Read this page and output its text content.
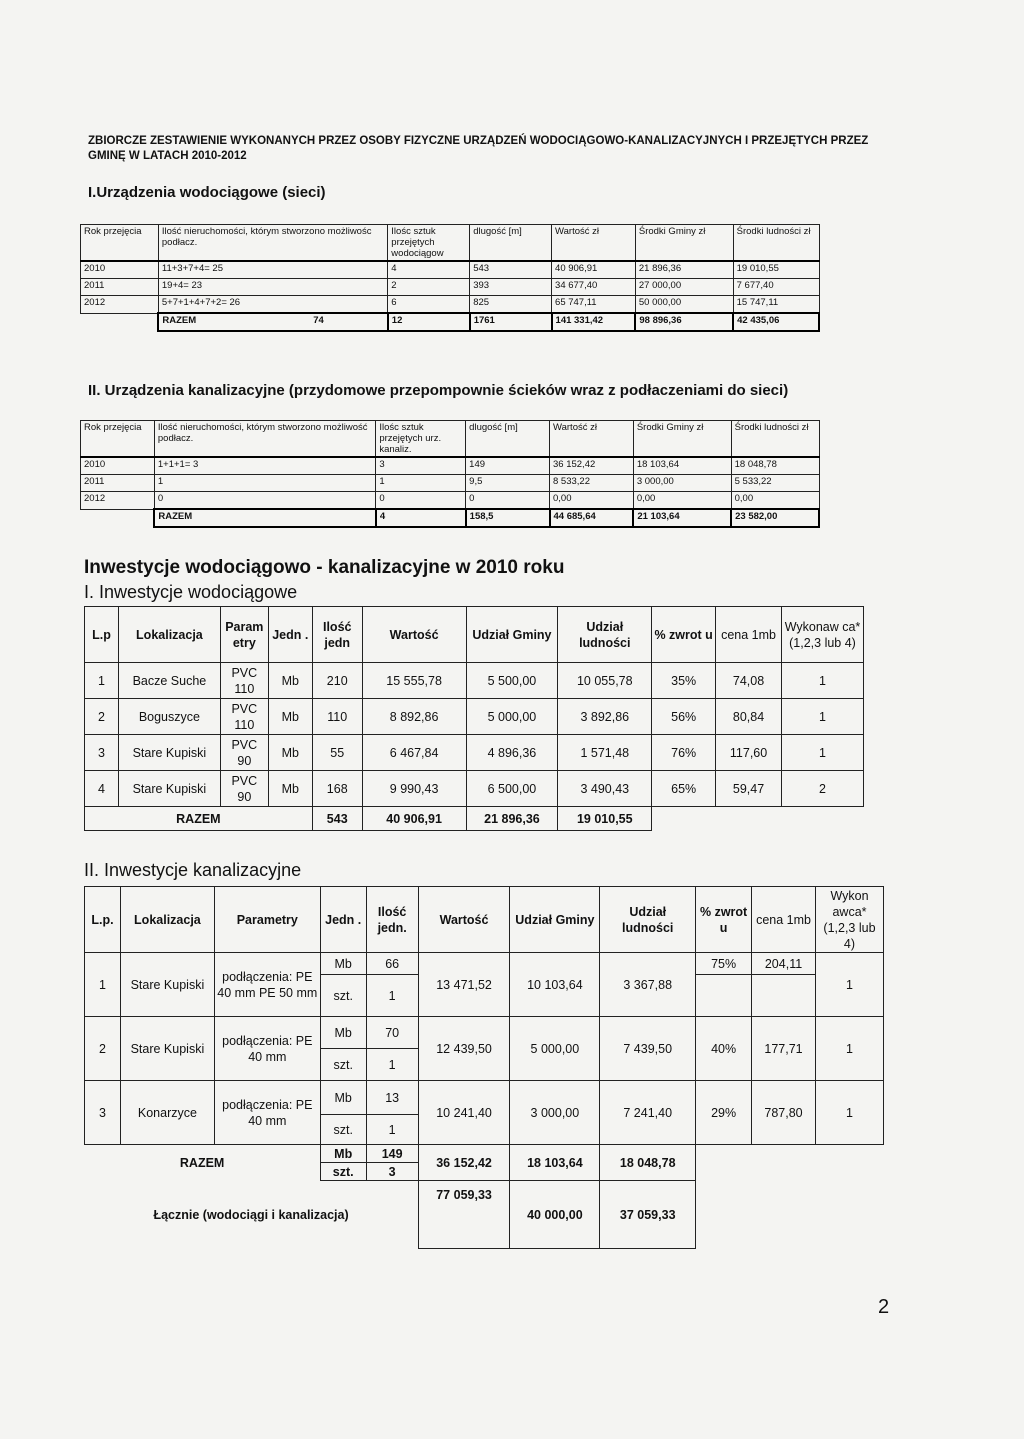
ZBIORCZE ZESTAWIENIE WYKONANYCH PRZEZ OSOBY FIZYCZNE URZĄDZEŃ WODOCIĄGOWO-KANALIZACYJNYCH I PRZEJĘTYCH PRZEZ GMINĘ W LATACH 2010-2012
I.Urządzenia wodociągowe (sieci)
Rok przejęcia	Ilość nieruchomości, którym stworzono możliwośc podłacz.	Ilośc sztuk przejętych wodociągow	dlugość [m]	Wartość zł	Środki Gminy zł	Środki ludności zł
2010	11+3+7+4= 25	4	543	40 906,91	21 896,36	19 010,55
2011	19+4= 23	2	393	34 677,40	27 000,00	7 677,40
2012	5+7+1+4+7+2= 26	6	825	65 747,11	50 000,00	15 747,11
	RAZEM 74	12	1761	141 331,42	98 896,36	42 435,06
II. Urządzenia kanalizacyjne (przydomowe przepompownie ścieków wraz z podłaczeniami do sieci)
Rok przejęcia	Ilość nieruchomości, którym stworzono możliwość podłacz.	Ilośc sztuk przejętych urz. kanaliz.	dlugość [m]	Wartość zł	Środki Gminy zł	Środki ludności zł
2010	1+1+1= 3	3	149	36 152,42	18 103,64	18 048,78
2011	1	1	9,5	8 533,22	3 000,00	5 533,22
2012	0	0	0	0,00	0,00	0,00
	RAZEM	4	158,5	44 685,64	21 103,64	23 582,00
Inwestycje wodociągowo - kanalizacyjne w 2010 roku
I. Inwestycje wodociągowe
L.p	Lokalizacja	Param etry	Jedn .	Ilość jedn	Wartość	Udział Gminy	Udział ludności	% zwrot u	cena 1mb	Wykonaw ca*(1,2,3 lub 4)
1	Bacze Suche	PVC 110	Mb	210	15 555,78	5 500,00	10 055,78	35%	74,08	1
2	Boguszyce	PVC 110	Mb	110	8 892,86	5 000,00	3 892,86	56%	80,84	1
3	Stare Kupiski	PVC 90	Mb	55	6 467,84	4 896,36	1 571,48	76%	117,60	1
4	Stare Kupiski	PVC 90	Mb	168	9 990,43	6 500,00	3 490,43	65%	59,47	2
RAZEM				543	40 906,91	21 896,36	19 010,55			
II. Inwestycje kanalizacyjne
L.p.	Lokalizacja	Parametry	Jedn .	Ilość jedn.	Wartość	Udział Gminy	Udział ludności	% zwrot u	cena 1mb	Wykon awca* (1,2,3 lub 4)
1	Stare Kupiski	podłączenia: PE 40 mm PE 50 mm	Mb	66	13 471,52	10 103,64	3 367,88	75%	204,11	1
			szt.	1						
2	Stare Kupiski	podłączenia: PE 40 mm	Mb	70	12 439,50	5 000,00	7 439,50	40%	177,71	1
			szt.	1						
3	Konarzyce	podłączenia: PE 40 mm	Mb	13	10 241,40	3 000,00	7 241,40	29%	787,80	1
			szt.	1						
RAZEM			Mb	149	36 152,42	18 103,64	18 048,78			
			szt.	3						
Łącznie (wodociągi i kanalizacja)					77 059,33	40 000,00	37 059,33			
2
